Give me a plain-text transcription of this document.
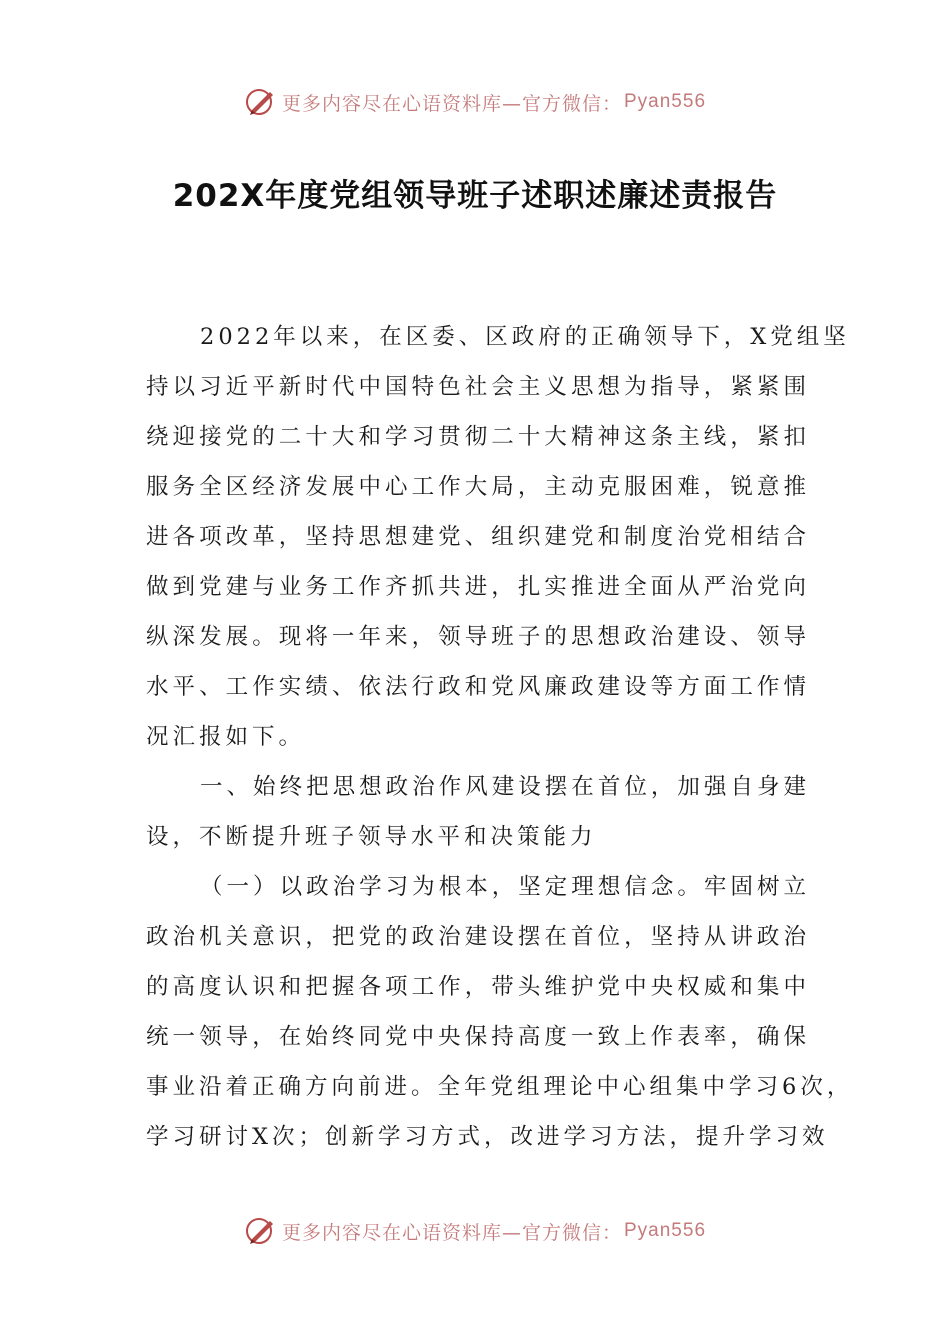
更多内容尽在心语资料库—官方微信： Pyan556
202X年度党组领导班子述职述廉述责报告
2022年以来，在区委、区政府的正确领导下，X党组坚
持以习近平新时代中国特色社会主义思想为指导，紧紧围
绕迎接党的二十大和学习贯彻二十大精神这条主线，紧扣
服务全区经济发展中心工作大局，主动克服困难，锐意推
进各项改革，坚持思想建党、组织建党和制度治党相结合
做到党建与业务工作齐抓共进，扎实推进全面从严治党向
纵深发展。现将一年来，领导班子的思想政治建设、领导
水平、工作实绩、依法行政和党风廉政建设等方面工作情
况汇报如下。
一、始终把思想政治作风建设摆在首位，加强自身建
设，不断提升班子领导水平和决策能力
（一）以政治学习为根本，坚定理想信念。牢固树立
政治机关意识，把党的政治建设摆在首位，坚持从讲政治
的高度认识和把握各项工作，带头维护党中央权威和集中
统一领导，在始终同党中央保持高度一致上作表率，确保
事业沿着正确方向前进。全年党组理论中心组集中学习6次，
学习研讨X次；创新学习方式，改进学习方法，提升学习效
更多内容尽在心语资料库—官方微信： Pyan556
